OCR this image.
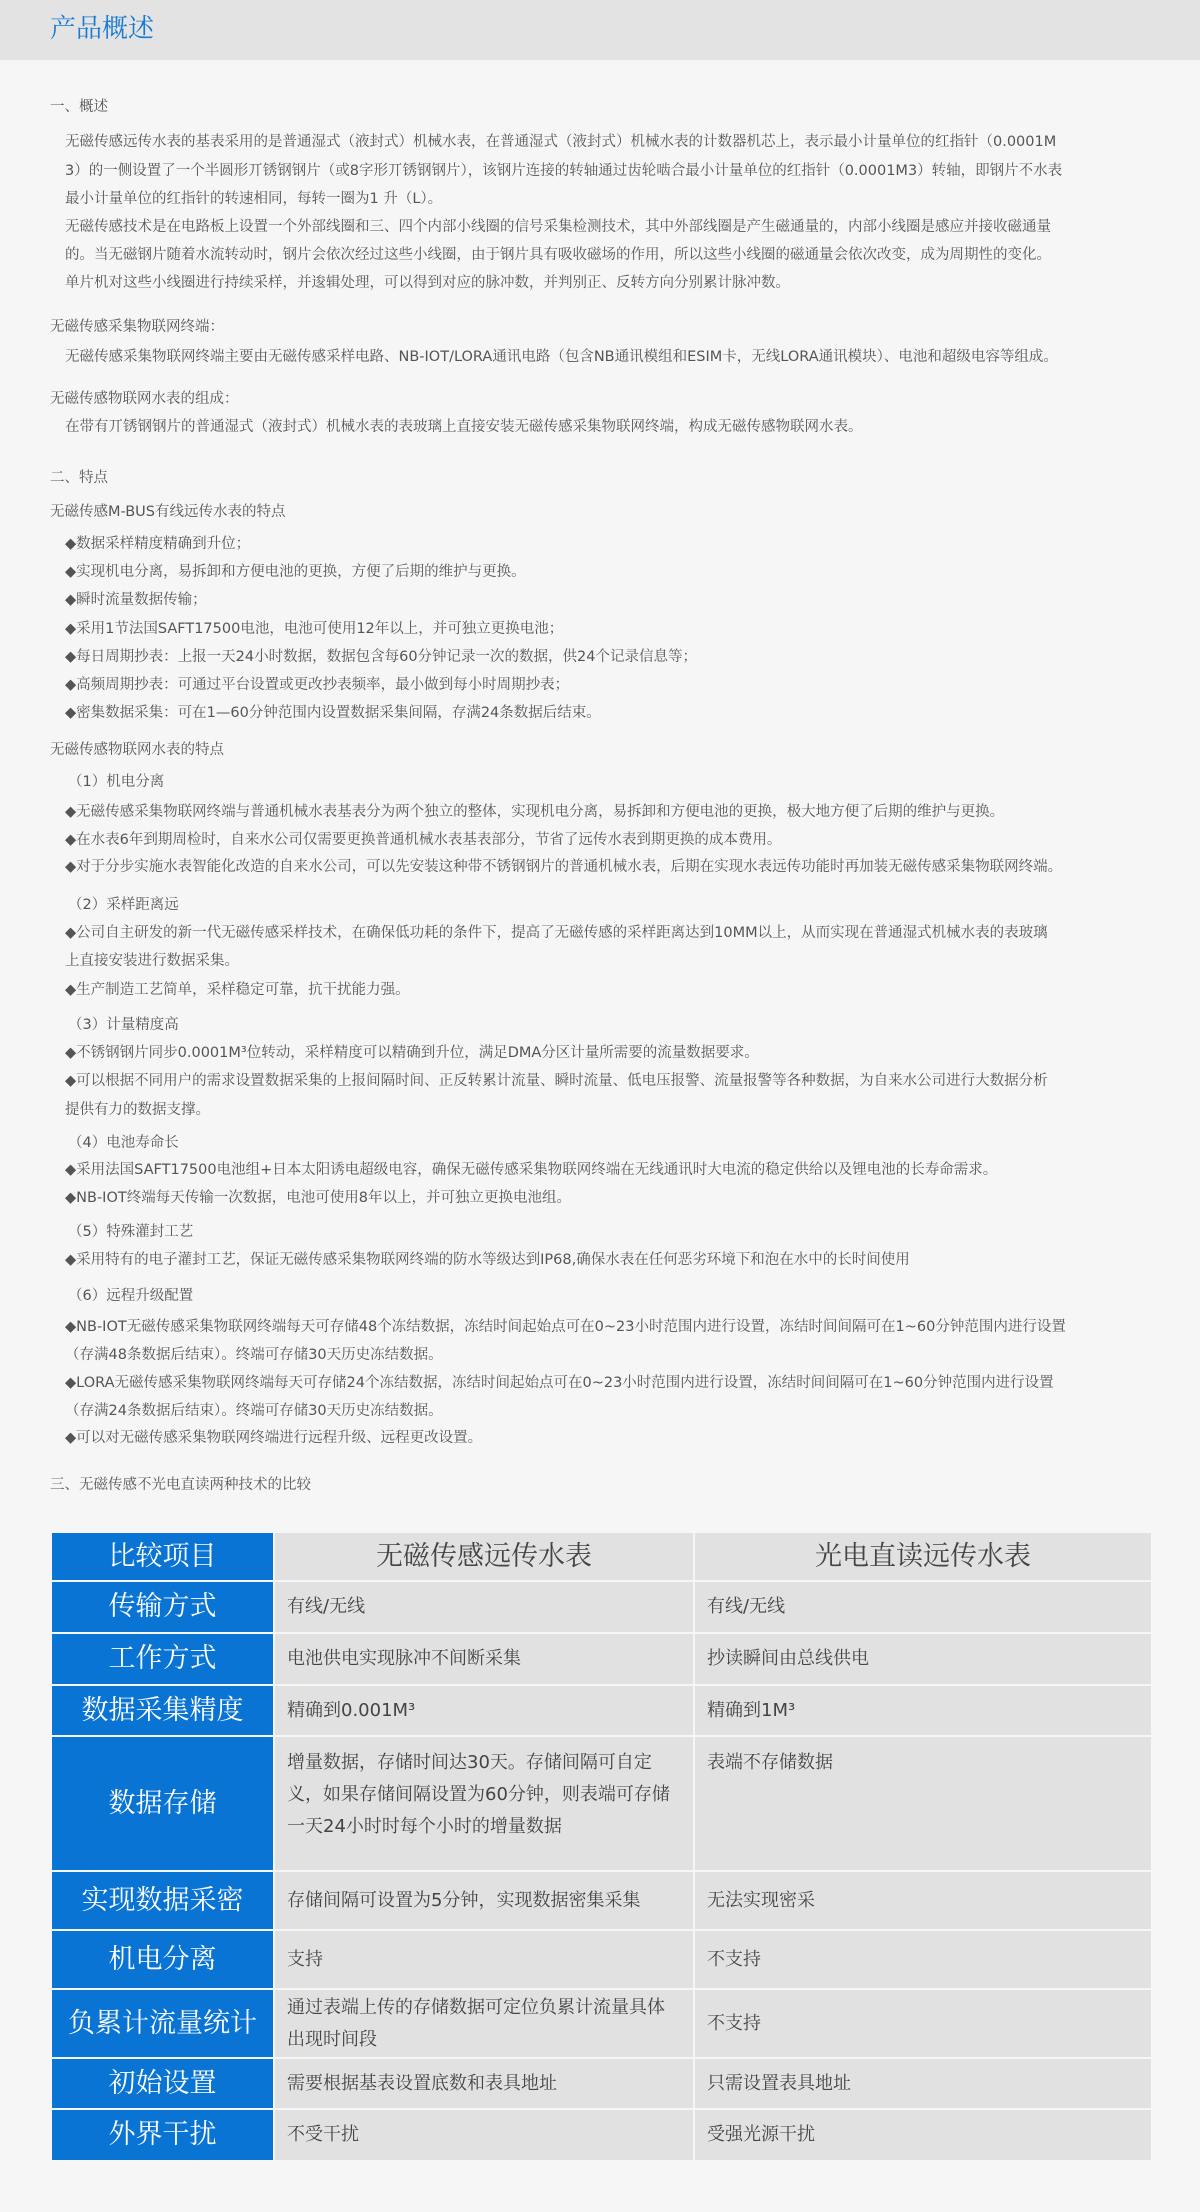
产品概述
一、概述
无磁传感远传水表的基表采用的是普通湿式（液封式）机械水表，在普通湿式（液封式）机械水表的计数器机芯上，表示最小计量单位的红指针（0.0001M
3）的一侧设置了一个半圆形丌锈钢钢片（或8字形丌锈钢钢片），该钢片连接的转轴通过齿轮啮合最小计量单位的红指针（0.0001M3）转轴，即钢片不水表
最小计量单位的红指针的转速相同，每转一圈为1 升（L）。
无磁传感技术是在电路板上设置一个外部线圈和三、四个内部小线圈的信号采集检测技术，其中外部线圈是产生磁通量的，内部小线圈是感应并接收磁通量
的。当无磁钢片随着水流转动时，钢片会依次经过这些小线圈，由于钢片具有吸收磁场的作用，所以这些小线圈的磁通量会依次改变，成为周期性的变化。
单片机对这些小线圈进行持续采样，并逡辑处理，可以得到对应的脉冲数，并判别正、反转方向分别累计脉冲数。
无磁传感采集物联网终端：
无磁传感采集物联网终端主要由无磁传感采样电路、NB-IOT/LORA通讯电路（包含NB通讯模组和ESIM卡，无线LORA通讯模块）、电池和超级电容等组成。
无磁传感物联网水表的组成：
在带有丌锈钢钢片的普通湿式（液封式）机械水表的表玻璃上直接安装无磁传感采集物联网终端，构成无磁传感物联网水表。
二、特点
无磁传感M-BUS有线远传水表的特点
◆数据采样精度精确到升位；
◆实现机电分离，易拆卸和方便电池的更换，方便了后期的维护与更换。
◆瞬时流量数据传输；
◆采用1节法国SAFT17500电池，电池可使用12年以上，并可独立更换电池；
◆每日周期抄表：上报一天24小时数据，数据包含每60分钟记录一次的数据，供24个记录信息等；
◆高频周期抄表：可通过平台设置或更改抄表频率，最小做到每小时周期抄表；
◆密集数据采集：可在1—60分钟范围内设置数据采集间隔，存满24条数据后结束。
无磁传感物联网水表的特点
（1）机电分离
◆无磁传感采集物联网终端与普通机械水表基表分为两个独立的整体，实现机电分离，易拆卸和方便电池的更换，极大地方便了后期的维护与更换。
◆在水表6年到期周检时，自来水公司仅需要更换普通机械水表基表部分，节省了远传水表到期更换的成本费用。
◆对于分步实施水表智能化改造的自来水公司，可以先安装这种带不锈钢钢片的普通机械水表，后期在实现水表远传功能时再加装无磁传感采集物联网终端。
（2）采样距离远
◆公司自主研发的新一代无磁传感采样技术，在确保低功耗的条件下，提高了无磁传感的采样距离达到10MM以上，从而实现在普通湿式机械水表的表玻璃
上直接安装进行数据采集。
◆生产制造工艺简单，采样稳定可靠，抗干扰能力强。
（3）计量精度高
◆不锈钢钢片同步0.0001M³位转动，采样精度可以精确到升位，满足DMA分区计量所需要的流量数据要求。
◆可以根据不同用户的需求设置数据采集的上报间隔时间、正反转累计流量、瞬时流量、低电压报警、流量报警等各种数据，为自来水公司进行大数据分析
提供有力的数据支撑。
（4）电池寿命长
◆采用法国SAFT17500电池组+日本太阳诱电超级电容，确保无磁传感采集物联网终端在无线通讯时大电流的稳定供给以及锂电池的长寿命需求。
◆NB-IOT终端每天传输一次数据，电池可使用8年以上，并可独立更换电池组。
（5）特殊灌封工艺
◆采用特有的电子灌封工艺，保证无磁传感采集物联网终端的防水等级达到IP68,确保水表在任何恶劣环境下和泡在水中的长时间使用
（6）远程升级配置
◆NB-IOT无磁传感采集物联网终端每天可存储48个冻结数据，冻结时间起始点可在0~23小时范围内进行设置，冻结时间间隔可在1~60分钟范围内进行设置
（存满48条数据后结束）。终端可存储30天历史冻结数据。
◆LORA无磁传感采集物联网终端每天可存储24个冻结数据，冻结时间起始点可在0~23小时范围内进行设置，冻结时间间隔可在1~60分钟范围内进行设置
（存满24条数据后结束）。终端可存储30天历史冻结数据。
◆可以对无磁传感采集物联网终端进行远程升级、远程更改设置。
三、无磁传感不光电直读两种技术的比较
比较项目	无磁传感远传水表	光电直读远传水表
传输方式	有线/无线	有线/无线
工作方式	电池供电实现脉冲不间断采集	抄读瞬间由总线供电
数据采集精度	精确到0.001M³	精确到1M³
数据存储	增量数据，存储时间达30天。存储间隔可自定义，如果存储间隔设置为60分钟，则表端可存储一天24小时时每个小时的增量数据	表端不存储数据
实现数据采密	存储间隔可设置为5分钟，实现数据密集采集	无法实现密采
机电分离	支持	不支持
负累计流量统计	通过表端上传的存储数据可定位负累计流量具体出现时间段	不支持
初始设置	需要根据基表设置底数和表具地址	只需设置表具地址
外界干扰	不受干扰	受强光源干扰
